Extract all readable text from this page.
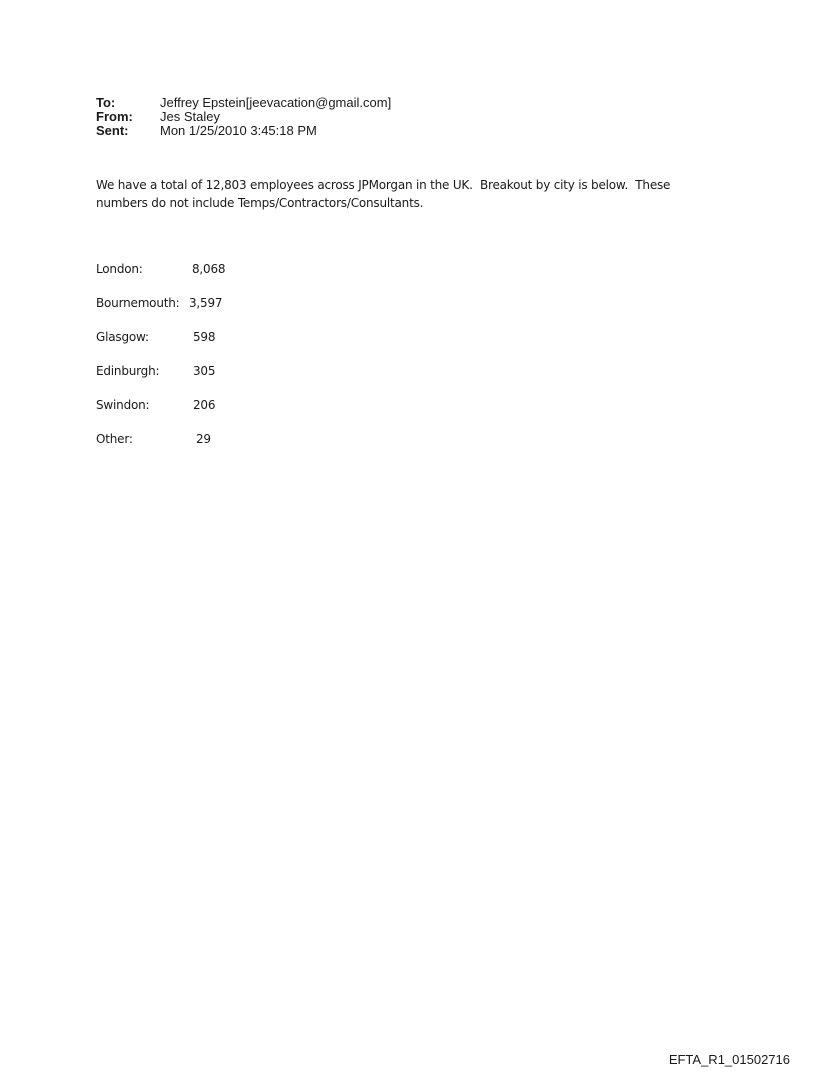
To:	Jeffrey Epstein[jeevacation@gmail.com]
From:	Jes Staley
Sent:	Mon 1/25/2010 3:45:18 PM
We have a total of 12,803 employees across JPMorgan in the UK.  Breakout by city is below.  These
numbers do not include Temps/Contractors/Consultants.
London:	8,068
Bournemouth: 3,597
Glasgow:	598
Edinburgh:	305
Swindon:	206
Other:	29
EFTA_R1_01502716
